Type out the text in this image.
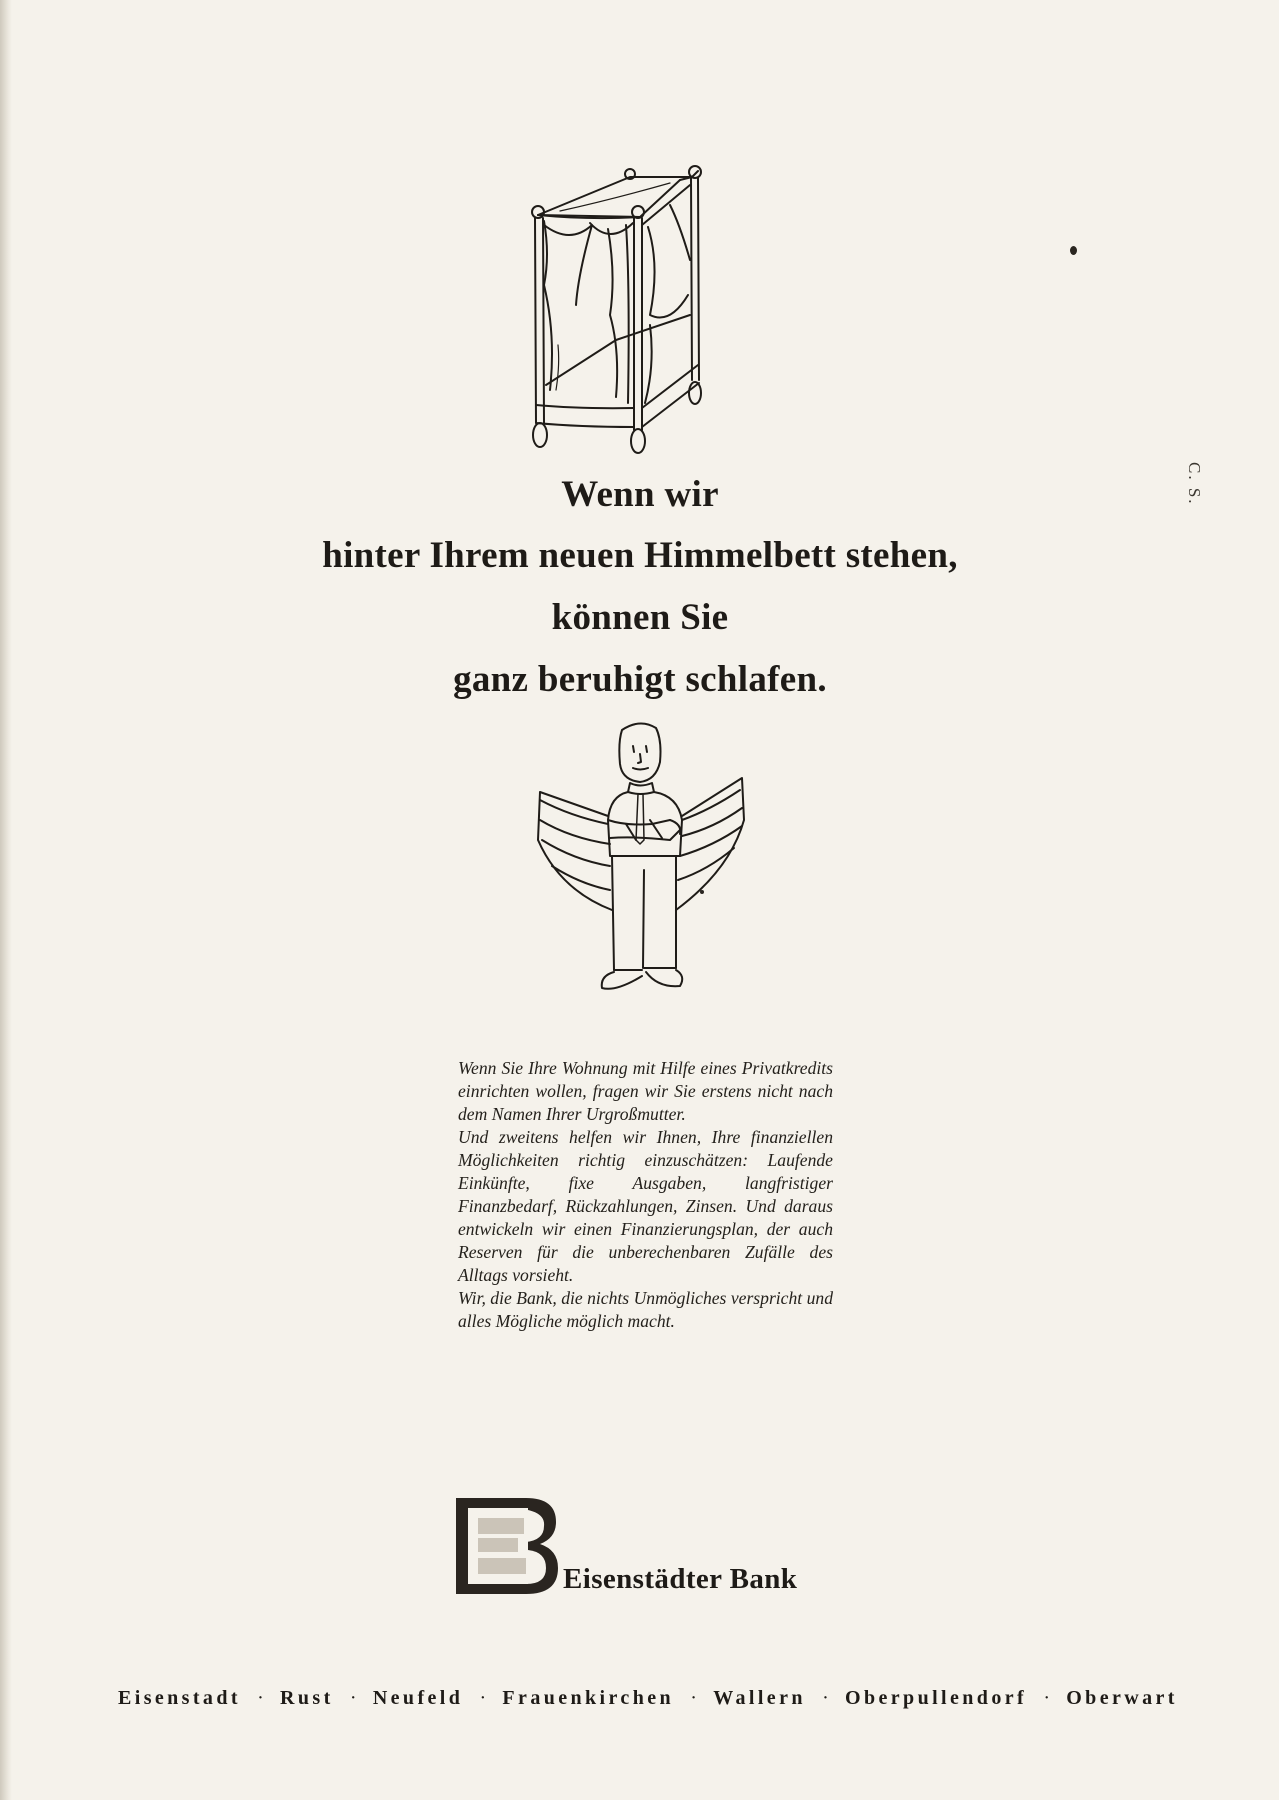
Wenn wir
hinter Ihrem neuen Himmelbett stehen,
können Sie
ganz beruhigt schlafen.

Wenn Sie Ihre Wohnung mit Hilfe eines Privatkredits einrichten wollen, fragen wir Sie erstens nicht nach dem Namen Ihrer Urgroßmutter.

Und zweitens helfen wir Ihnen, Ihre finanziellen Möglichkeiten richtig einzuschätzen: Laufende Einkünfte, fixe Ausgaben, langfristiger Finanzbedarf, Rückzahlungen, Zinsen. Und daraus entwickeln wir einen Finanzierungsplan, der auch Reserven für die unberechenbaren Zufälle des Alltags vorsieht.

Wir, die Bank, die nichts Unmögliches verspricht und alles Mögliche möglich macht.

Eisenstädter Bank
Eisenstadt · Rust · Neufeld · Frauenkirchen · Wallern · Oberpullendorf · Oberwart
C. S.
